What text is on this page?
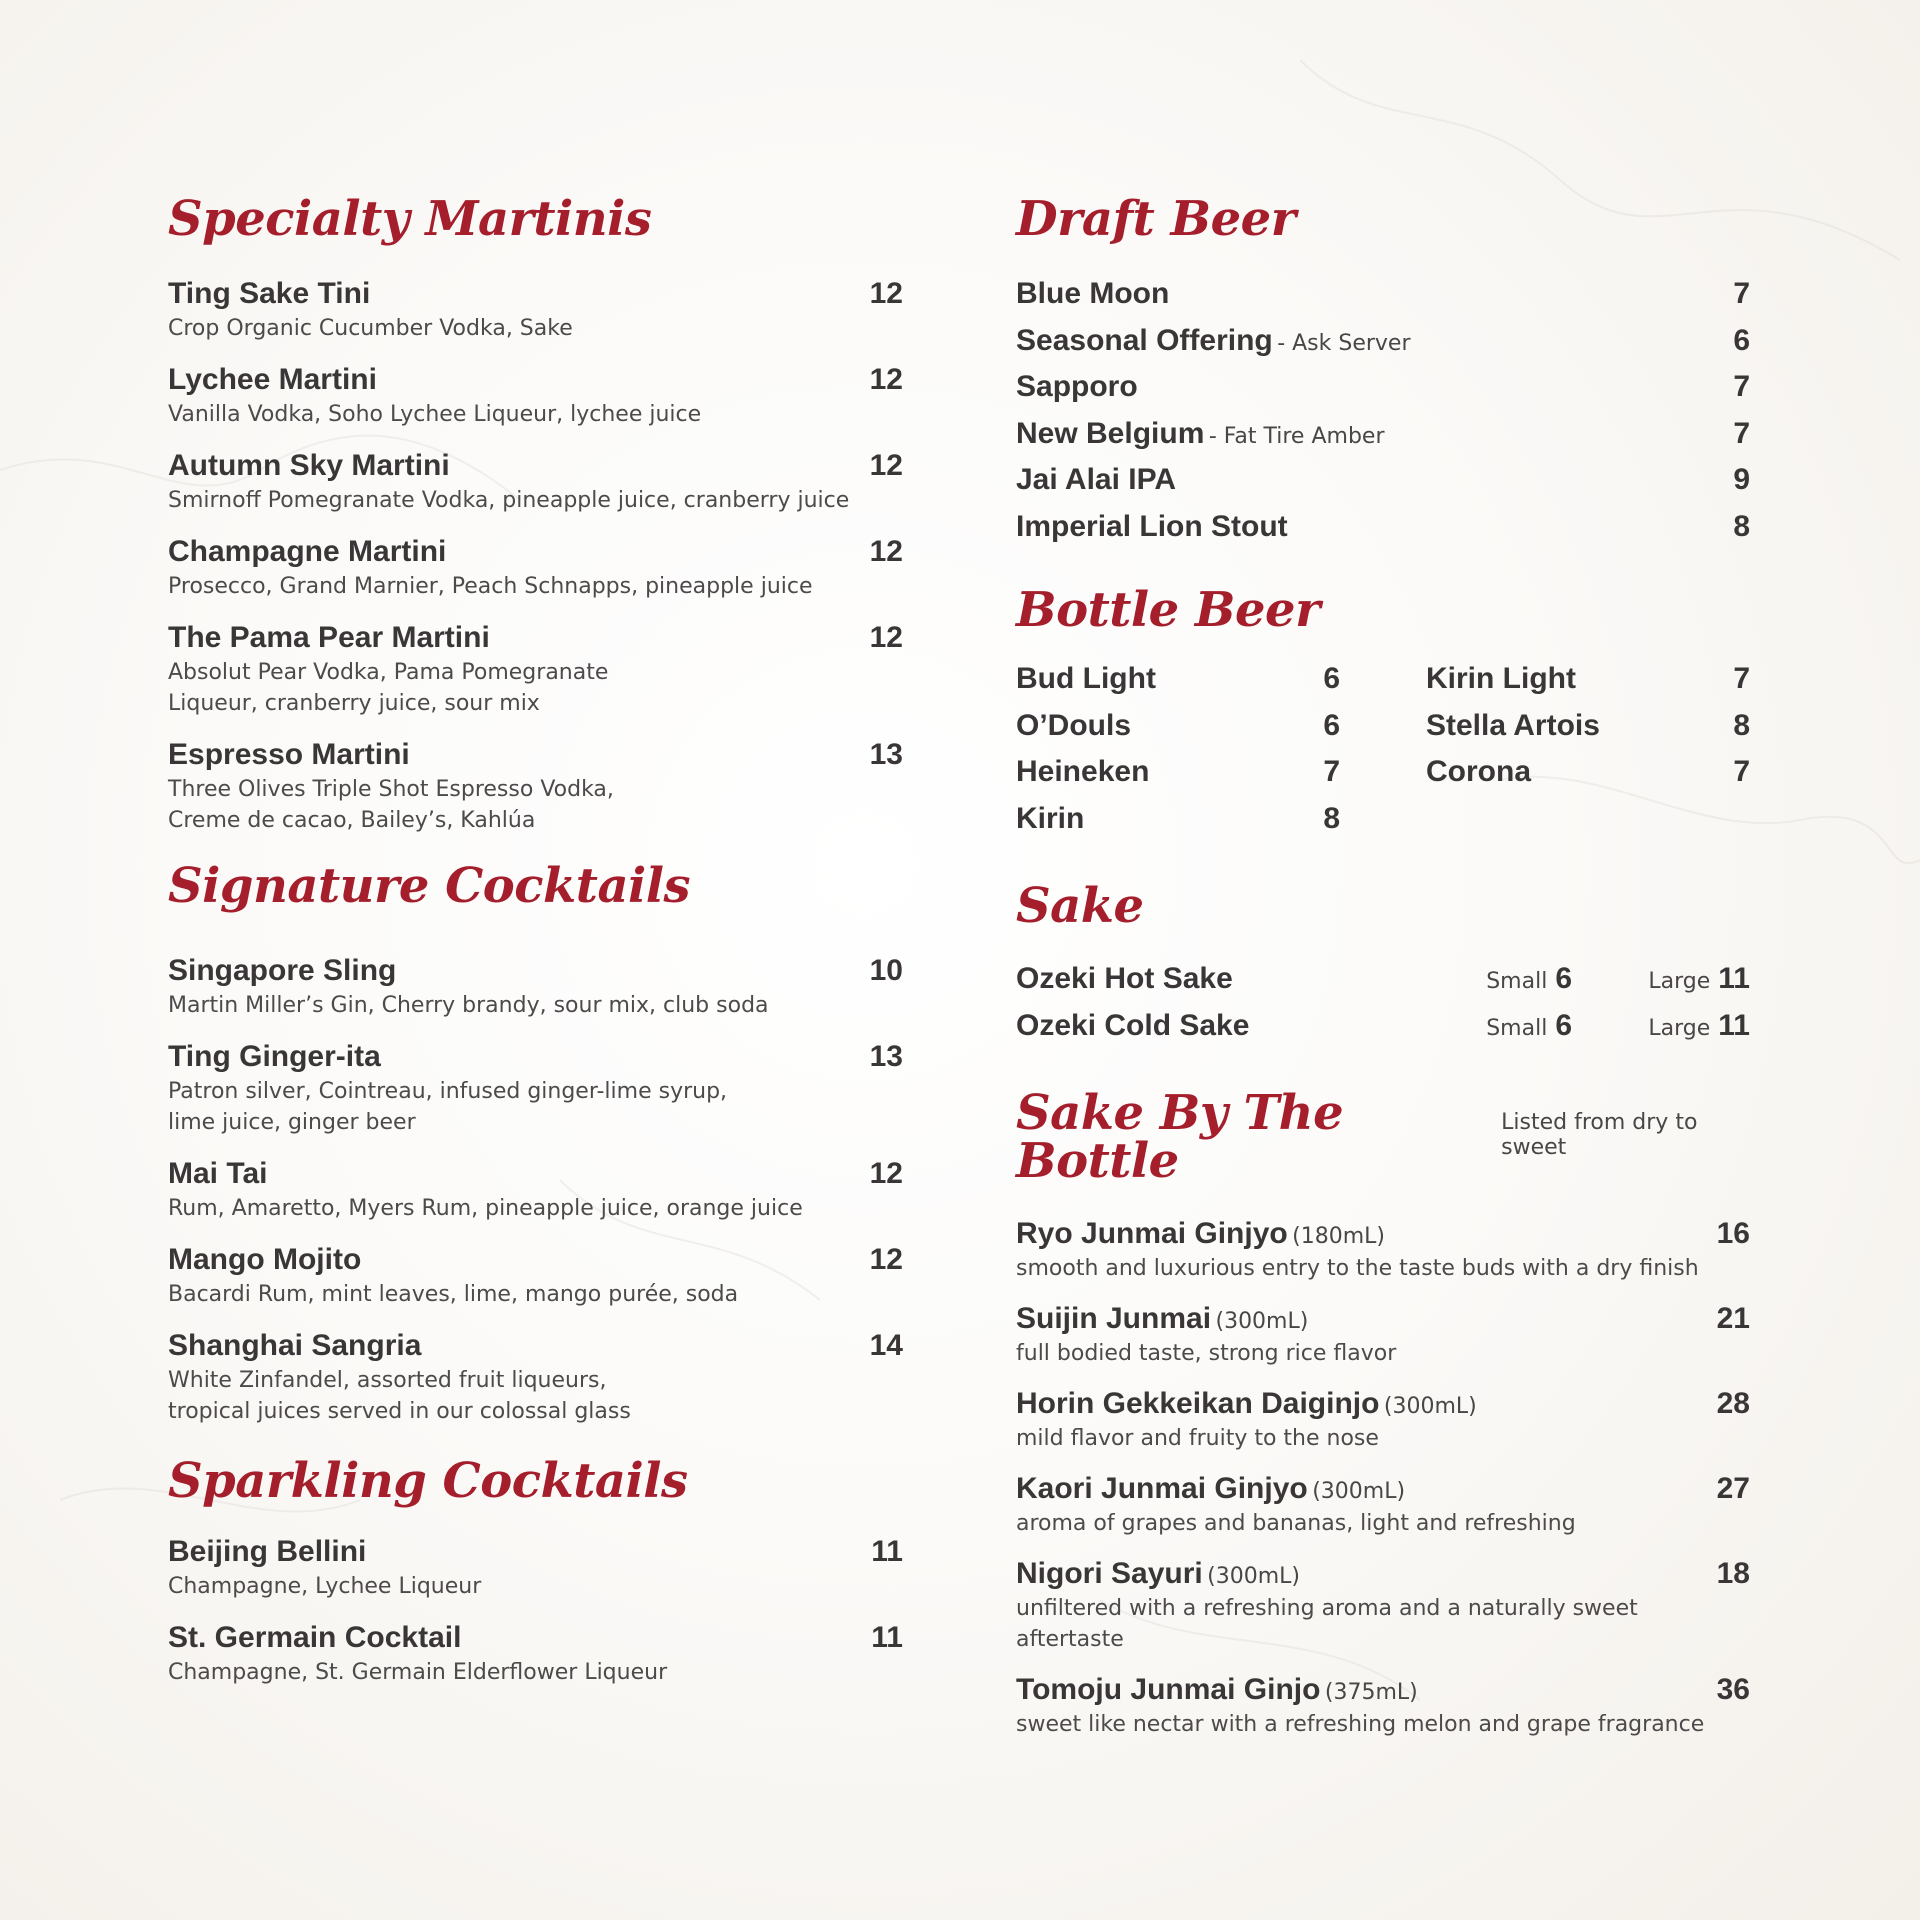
Specialty Martinis
Ting Sake Tini	12
Crop Organic Cucumber Vodka, Sake
Lychee Martini	12
Vanilla Vodka, Soho Lychee Liqueur, lychee juice
Autumn Sky Martini	12
Smirnoff Pomegranate Vodka, pineapple juice, cranberry juice
Champagne Martini	12
Prosecco, Grand Marnier, Peach Schnapps, pineapple juice
The Pama Pear Martini	12
Absolut Pear Vodka, Pama Pomegranate
Liqueur, cranberry juice, sour mix
Espresso Martini	13
Three Olives Triple Shot Espresso Vodka,
Creme de cacao, Bailey’s, Kahlúa
Signature Cocktails
Singapore Sling	10
Martin Miller’s Gin, Cherry brandy, sour mix, club soda
Ting Ginger-ita	13
Patron silver, Cointreau, infused ginger-lime syrup,
lime juice, ginger beer
Mai Tai	12
Rum, Amaretto, Myers Rum, pineapple juice, orange juice
Mango Mojito	12
Bacardi Rum, mint leaves, lime, mango purée, soda
Shanghai Sangria	14
White Zinfandel, assorted fruit liqueurs,
tropical juices served in our colossal glass
Sparkling Cocktails
Beijing Bellini	11
Champagne, Lychee Liqueur
St. Germain Cocktail	11
Champagne, St. Germain Elderflower Liqueur
Draft Beer
Blue Moon	7
Seasonal Offering - Ask Server	6
Sapporo	7
New Belgium - Fat Tire Amber	7
Jai Alai IPA	9
Imperial Lion Stout	8
Bottle Beer
Bud Light	6
O’Douls	6
Heineken	7
Kirin	8
Kirin Light	7
Stella Artois	8
Corona	7
Sake
Ozeki Hot Sake	Small 6	Large 11
Ozeki Cold Sake	Small 6	Large 11
Sake By The Bottle
Listed from dry to sweet
Ryo Junmai Ginjyo (180mL)	16
smooth and luxurious entry to the taste buds with a dry finish
Suijin Junmai (300mL)	21
full bodied taste, strong rice flavor
Horin Gekkeikan Daiginjo (300mL)	28
mild flavor and fruity to the nose
Kaori Junmai Ginjyo (300mL)	27
aroma of grapes and bananas, light and refreshing
Nigori Sayuri (300mL)	18
unfiltered with a refreshing aroma and a naturally sweet aftertaste
Tomoju Junmai Ginjo (375mL)	36
sweet like nectar with a refreshing melon and grape fragrance
